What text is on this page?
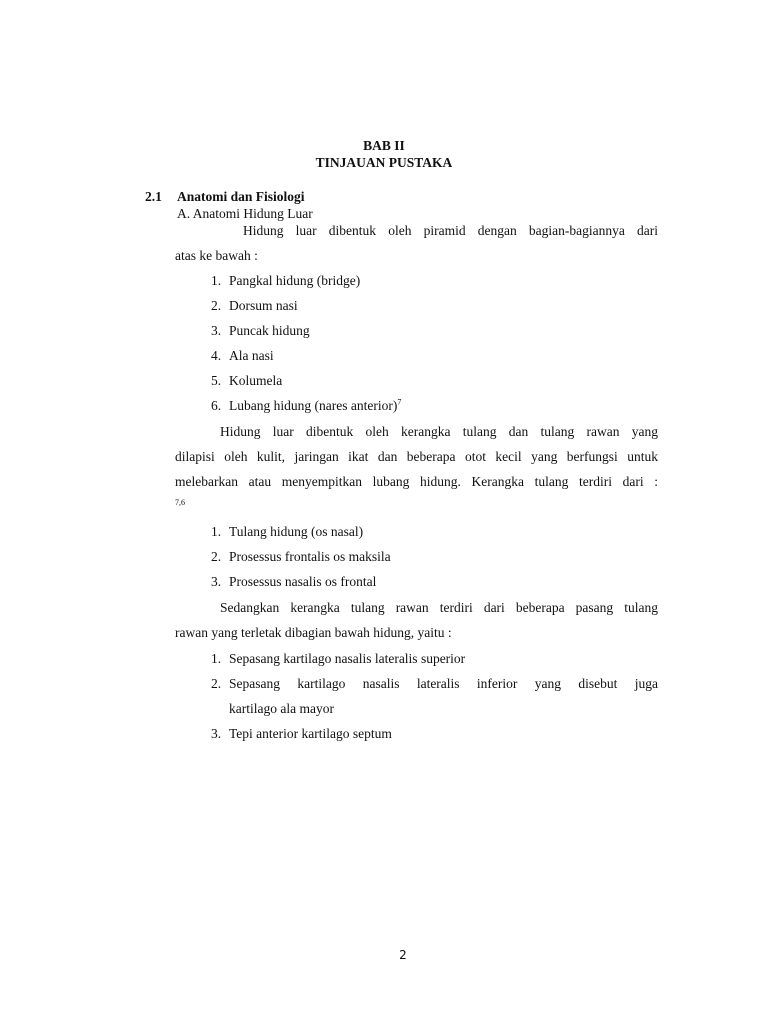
BAB II
TINJAUAN PUSTAKA
2.1 Anatomi dan Fisiologi
A. Anatomi Hidung Luar
Hidung luar dibentuk oleh piramid dengan bagian-bagiannya dari
atas ke bawah :
1. Pangkal hidung (bridge)
2. Dorsum nasi
3. Puncak hidung
4. Ala nasi
5. Kolumela
6. Lubang hidung (nares anterior)$^7$
Hidung luar dibentuk oleh kerangka tulang dan tulang rawan yang
dilapisi oleh kulit, jaringan ikat dan beberapa otot kecil yang berfungsi untuk
melebarkan atau menyempitkan lubang hidung. Kerangka tulang terdiri dari :
7,6
1. Tulang hidung (os nasal)
2. Prosessus frontalis os maksila
3. Prosessus nasalis os frontal
Sedangkan kerangka tulang rawan terdiri dari beberapa pasang tulang
rawan yang terletak dibagian bawah hidung, yaitu :
1. Sepasang kartilago nasalis lateralis superior
2. Sepasang kartilago nasalis lateralis inferior yang disebut juga
kartilago ala mayor
3. Tepi anterior kartilago septum
2
